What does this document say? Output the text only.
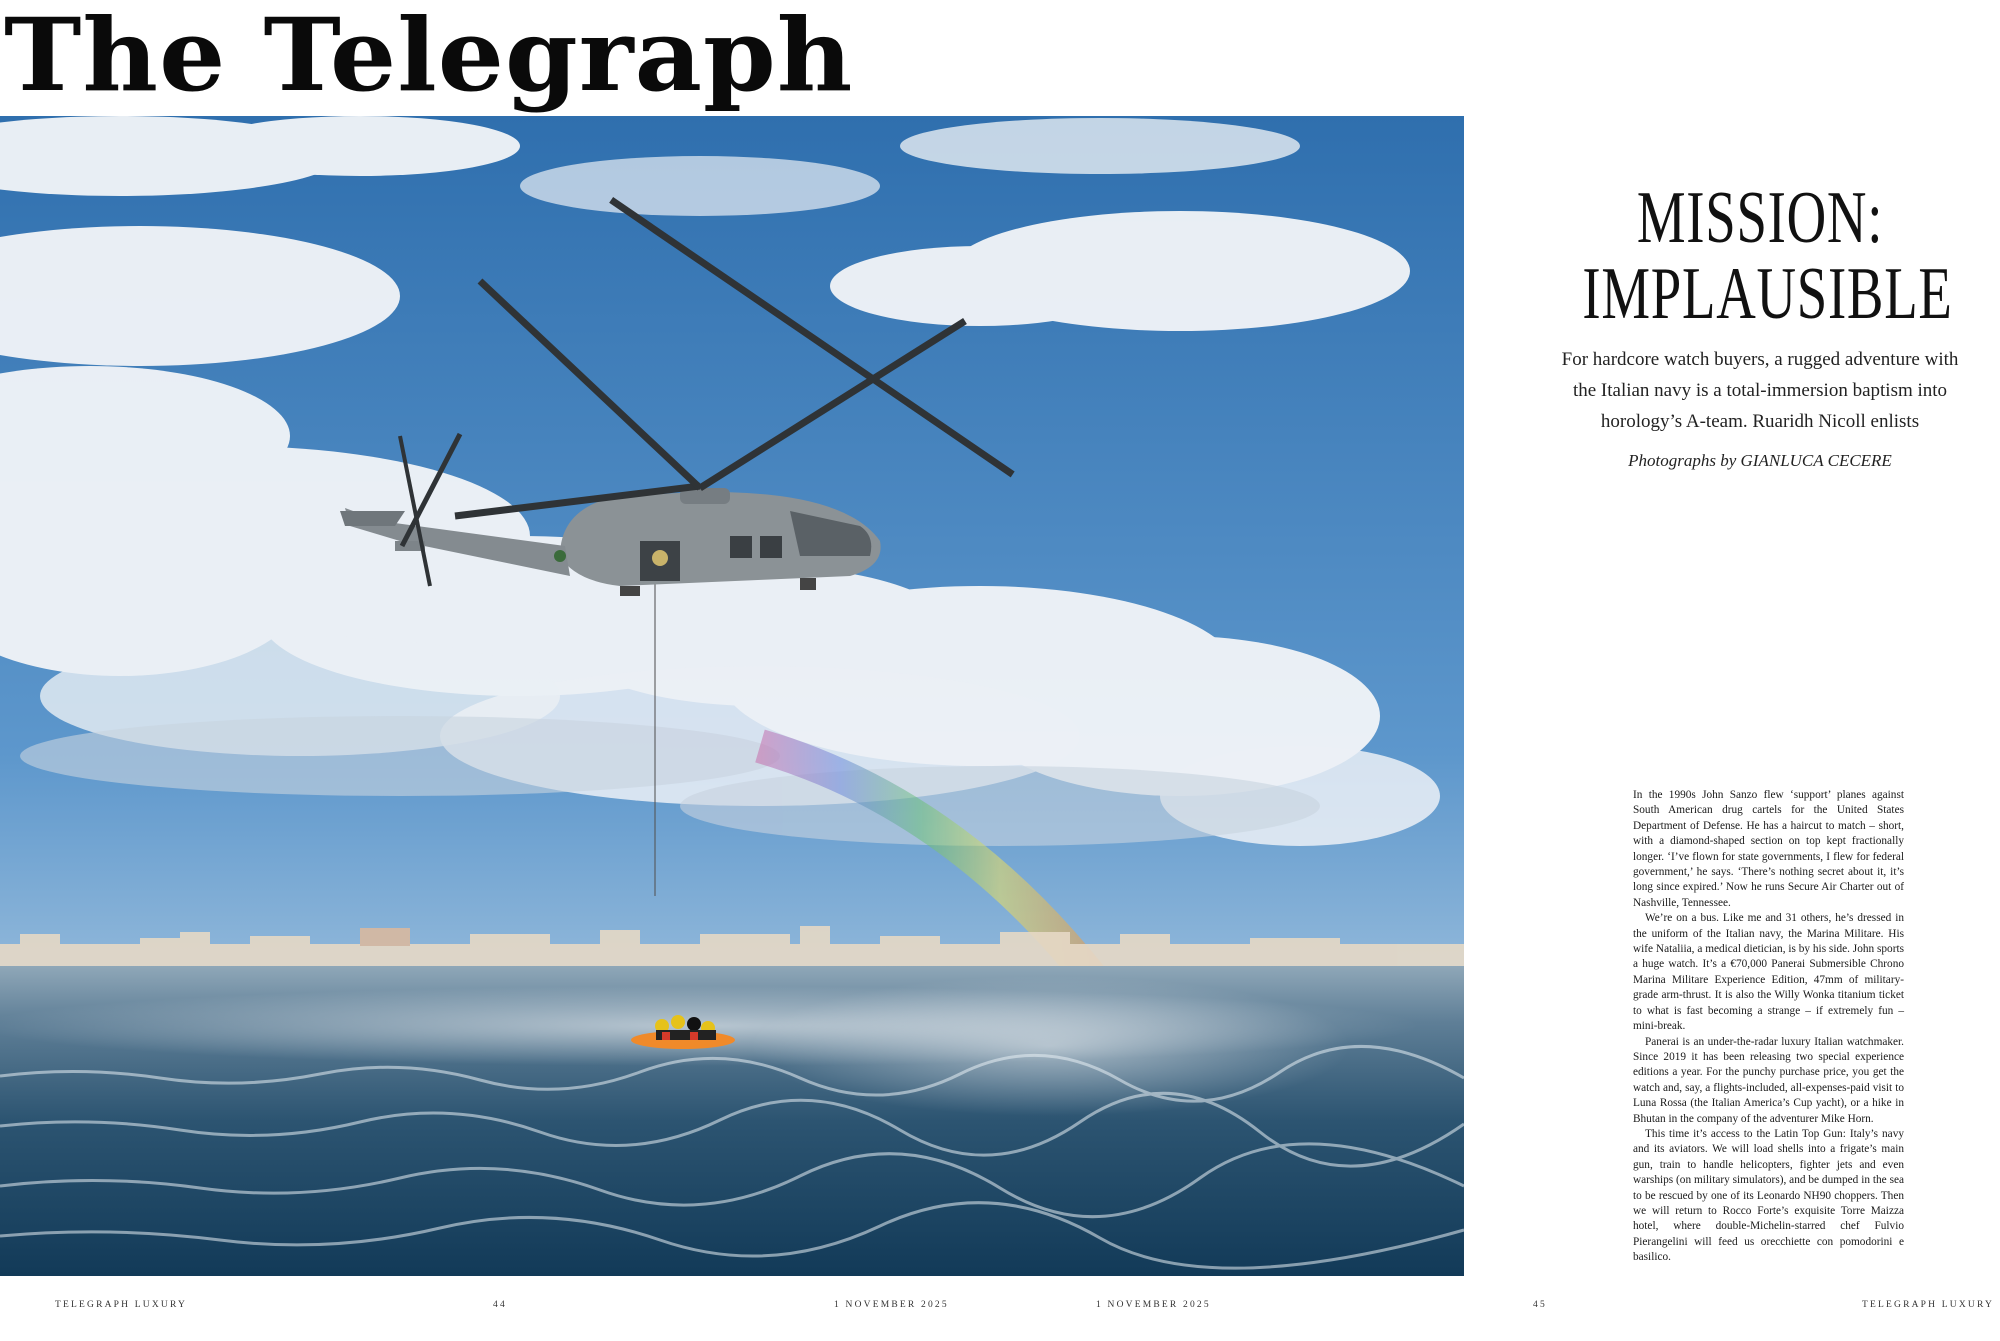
The Telegraph
MISSION:
IMPLAUSIBLE
For hardcore watch buyers, a rugged adventure with the Italian navy is a total-immersion baptism into horology’s A-team. Ruaridh Nicoll enlists
Photographs by GIANLUCA CECERE

In the 1990s John Sanzo flew ‘support’ planes against South American drug cartels for the United States Department of Defense. He has a haircut to match – short, with a diamond-shaped section on top kept fractionally longer. ‘I’ve flown for state governments, I flew for federal government,’ he says. ‘There’s nothing secret about it, it’s long since expired.’ Now he runs Secure Air Charter out of Nashville, Tennessee.

We’re on a bus. Like me and 31 others, he’s dressed in the uniform of the Italian navy, the Marina Militare. His wife Nataliia, a medical dietician, is by his side. John sports a huge watch. It’s a €70,000 Panerai Submersible Chrono Marina Militare Experience Edition, 47mm of military-grade arm-thrust. It is also the Willy Wonka titanium ticket to what is fast becoming a strange – if extremely fun – mini-break.

Panerai is an under-the-radar luxury Italian watchmaker. Since 2019 it has been releasing two special experience editions a year. For the punchy purchase price, you get the watch and, say, a flights-included, all-expenses-paid visit to Luna Rossa (the Italian America’s Cup yacht), or a hike in Bhutan in the company of the adventurer Mike Horn.

This time it’s access to the Latin Top Gun: Italy’s navy and its aviators. We will load shells into a frigate’s main gun, train to handle helicopters, fighter jets and even warships (on military simulators), and be dumped in the sea to be rescued by one of its Leonardo NH90 choppers. Then we will return to Rocco Forte’s exquisite Torre Maizza hotel, where double-Michelin-starred chef Fulvio Pierangelini will feed us orecchiette con pomodorini e basilico.

TELEGRAPH LUXURY	44	1 NOVEMBER 2025	1 NOVEMBER 2025	45	TELEGRAPH LUXURY
